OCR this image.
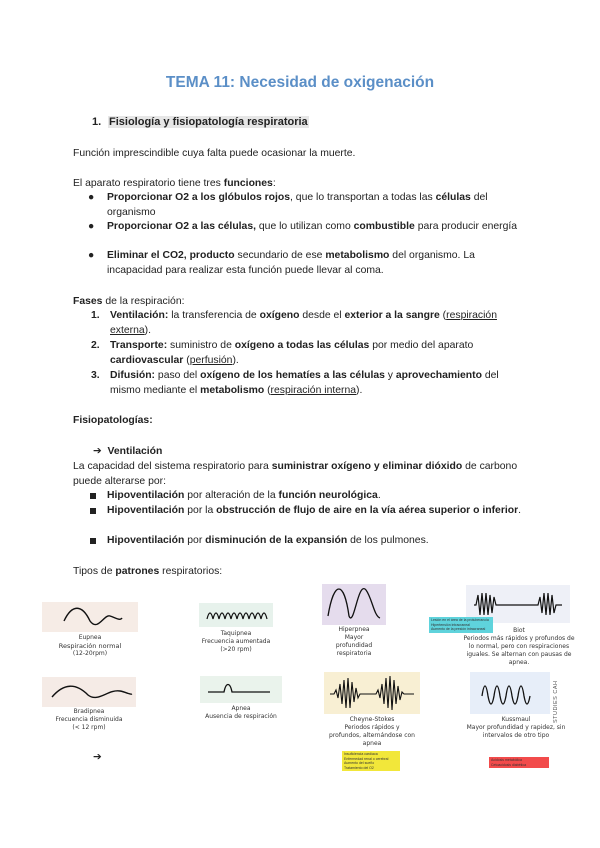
TEMA 11: Necesidad de oxigenación
1. Fisiología y fisiopatología respiratoria
Función imprescindible cuya falta puede ocasionar la muerte.
El aparato respiratorio tiene tres funciones:
● Proporcionar O2 a los glóbulos rojos, que lo transportan a todas las células del organismo
● Proporcionar O2 a las células, que lo utilizan como combustible para producir energía
● Eliminar el CO2, producto secundario de ese metabolismo del organismo. La incapacidad para realizar esta función puede llevar al coma.
Fases de la respiración:
1. Ventilación: la transferencia de oxígeno desde el exterior a la sangre (respiración externa).
2. Transporte: suministro de oxígeno a todas las células por medio del aparato cardiovascular (perfusión).
3. Difusión: paso del oxígeno de los hematíes a las células y aprovechamiento del mismo mediante el metabolismo (respiración interna).
Fisiopatologías:
➔ Ventilación
La capacidad del sistema respiratorio para suministrar oxígeno y eliminar dióxido de carbono puede alterarse por:
Hipoventilación por alteración de la función neurológica.
Hipoventilación por la obstrucción de flujo de aire en la vía aérea superior o inferior.
Hipoventilación por disminución de la expansión de los pulmones.
Tipos de patrones respiratorios:
Eupnea
Respiración normal
(12-20rpm)
Taquipnea
Frecuencia aumentada
(>20 rpm)
Hiperpnea
Mayor profundidad respiratoria
Lesión en el área de la protuberancia
Hipertensión intracraneal
Aumento de la presión intracraneal	Biot
Periodos más rápidos y profundos de lo normal, pero con respiraciones iguales. Se alternan con pausas de apnea.
Bradipnea
Frecuencia disminuida
(< 12 rpm)
Apnea
Ausencia de respiración	Cheyne-Stokes
Periodos rápidos y profundos, alternándose con apnea
Insuficiencia cardíaca
Enfermedad renal o cerebral
Aumento del sueño
Tratamiento del O2
STUDIES CAH
Kussmaul
Mayor profundidad y rapidez, sin intervalos de otro tipo
Acidosis metabólica
Cetoacidosis diabética
➔
